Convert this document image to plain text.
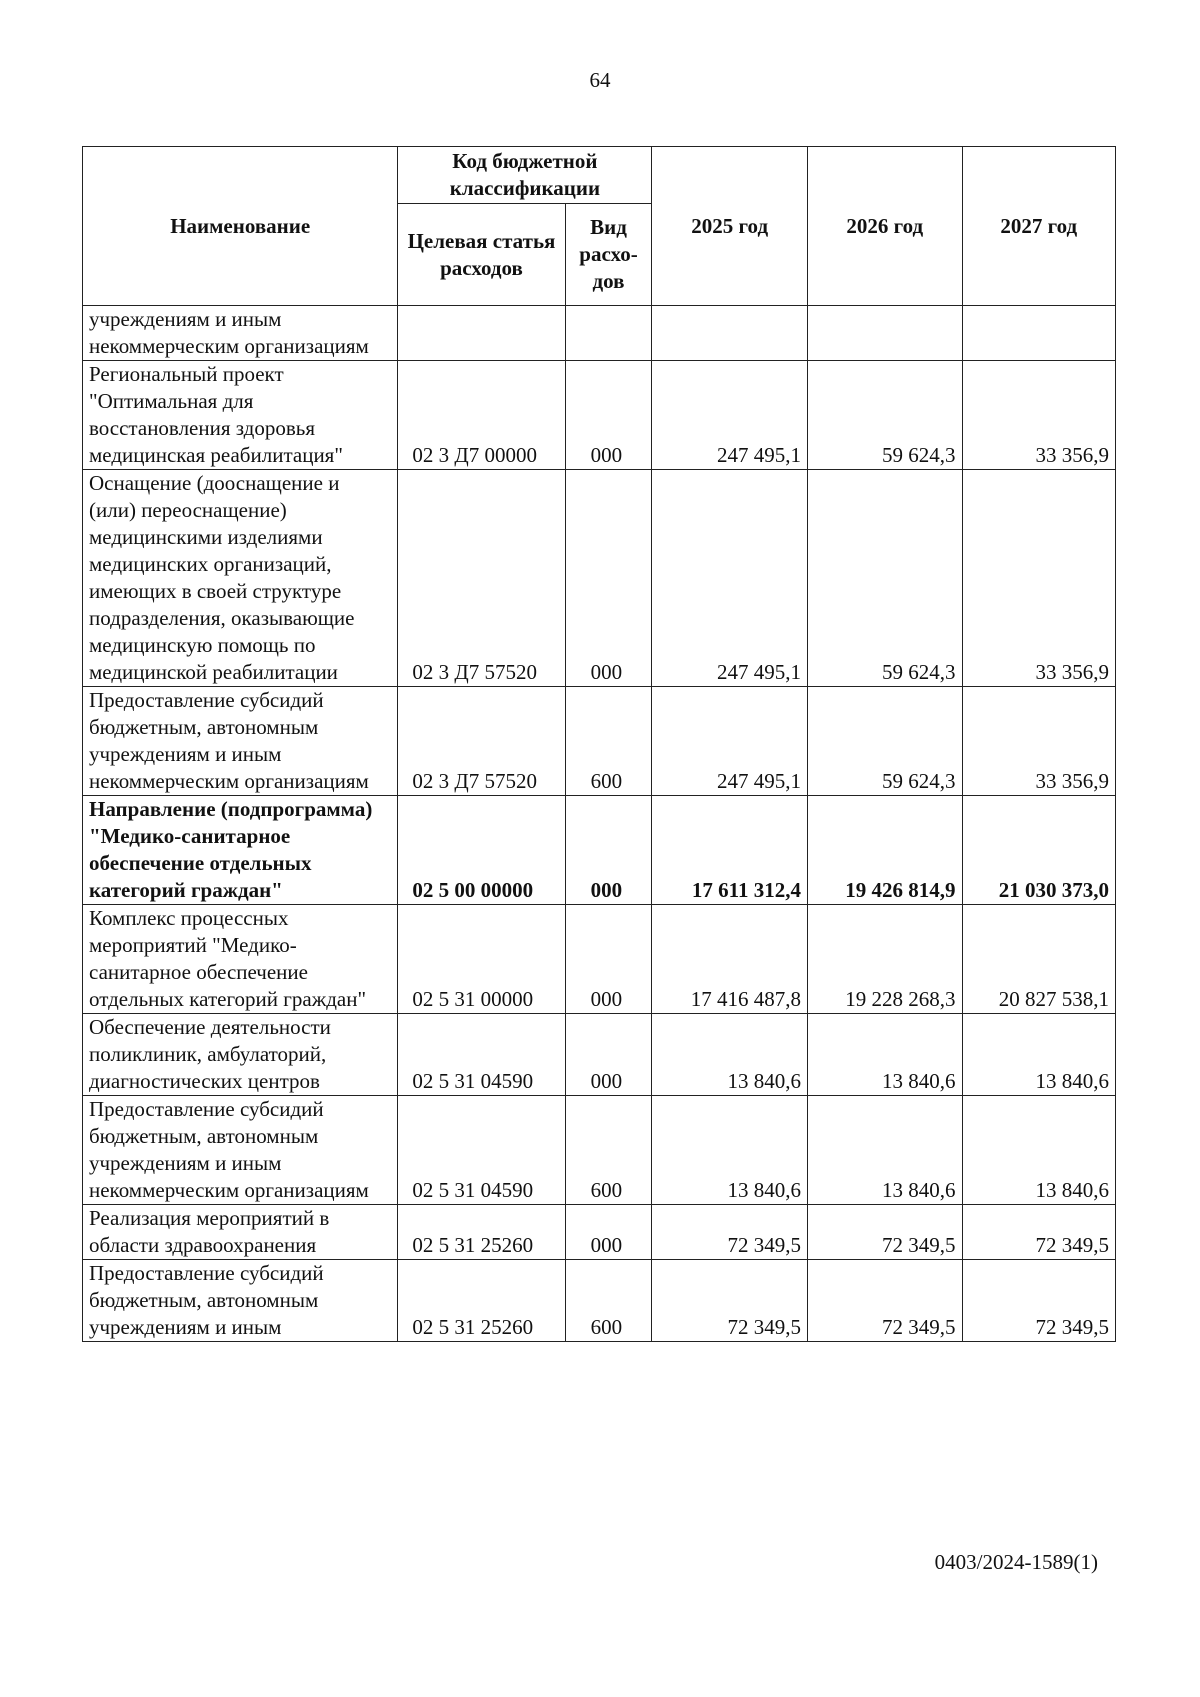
64
Наименование	Код бюджетной классификации		2025 год	2026 год	2027 год
	Целевая статья расходов	Вид расхо-дов			
учреждениям и иным некоммерческим организациям					
Региональный проект "Оптимальная для восстановления здоровья медицинская реабилитация"	02 3 Д7 00000	000	247 495,1	59 624,3	33 356,9
Оснащение (дооснащение и (или) переоснащение) медицинскими изделиями медицинских организаций, имеющих в своей структуре подразделения, оказывающие медицинскую помощь по медицинской реабилитации	02 3 Д7 57520	000	247 495,1	59 624,3	33 356,9
Предоставление субсидий бюджетным, автономным учреждениям и иным некоммерческим организациям	02 3 Д7 57520	600	247 495,1	59 624,3	33 356,9
Направление (подпрограмма) "Медико-санитарное обеспечение отдельных категорий граждан"	02 5 00 00000	000	17 611 312,4	19 426 814,9	21 030 373,0
Комплекс процессных мероприятий "Медико-санитарное обеспечение отдельных категорий граждан"	02 5 31 00000	000	17 416 487,8	19 228 268,3	20 827 538,1
Обеспечение деятельности поликлиник, амбулаторий, диагностических центров	02 5 31 04590	000	13 840,6	13 840,6	13 840,6
Предоставление субсидий бюджетным, автономным учреждениям и иным некоммерческим организациям	02 5 31 04590	600	13 840,6	13 840,6	13 840,6
Реализация мероприятий в области здравоохранения	02 5 31 25260	000	72 349,5	72 349,5	72 349,5
Предоставление субсидий бюджетным, автономным учреждениям и иным	02 5 31 25260	600	72 349,5	72 349,5	72 349,5
0403/2024-1589(1)
